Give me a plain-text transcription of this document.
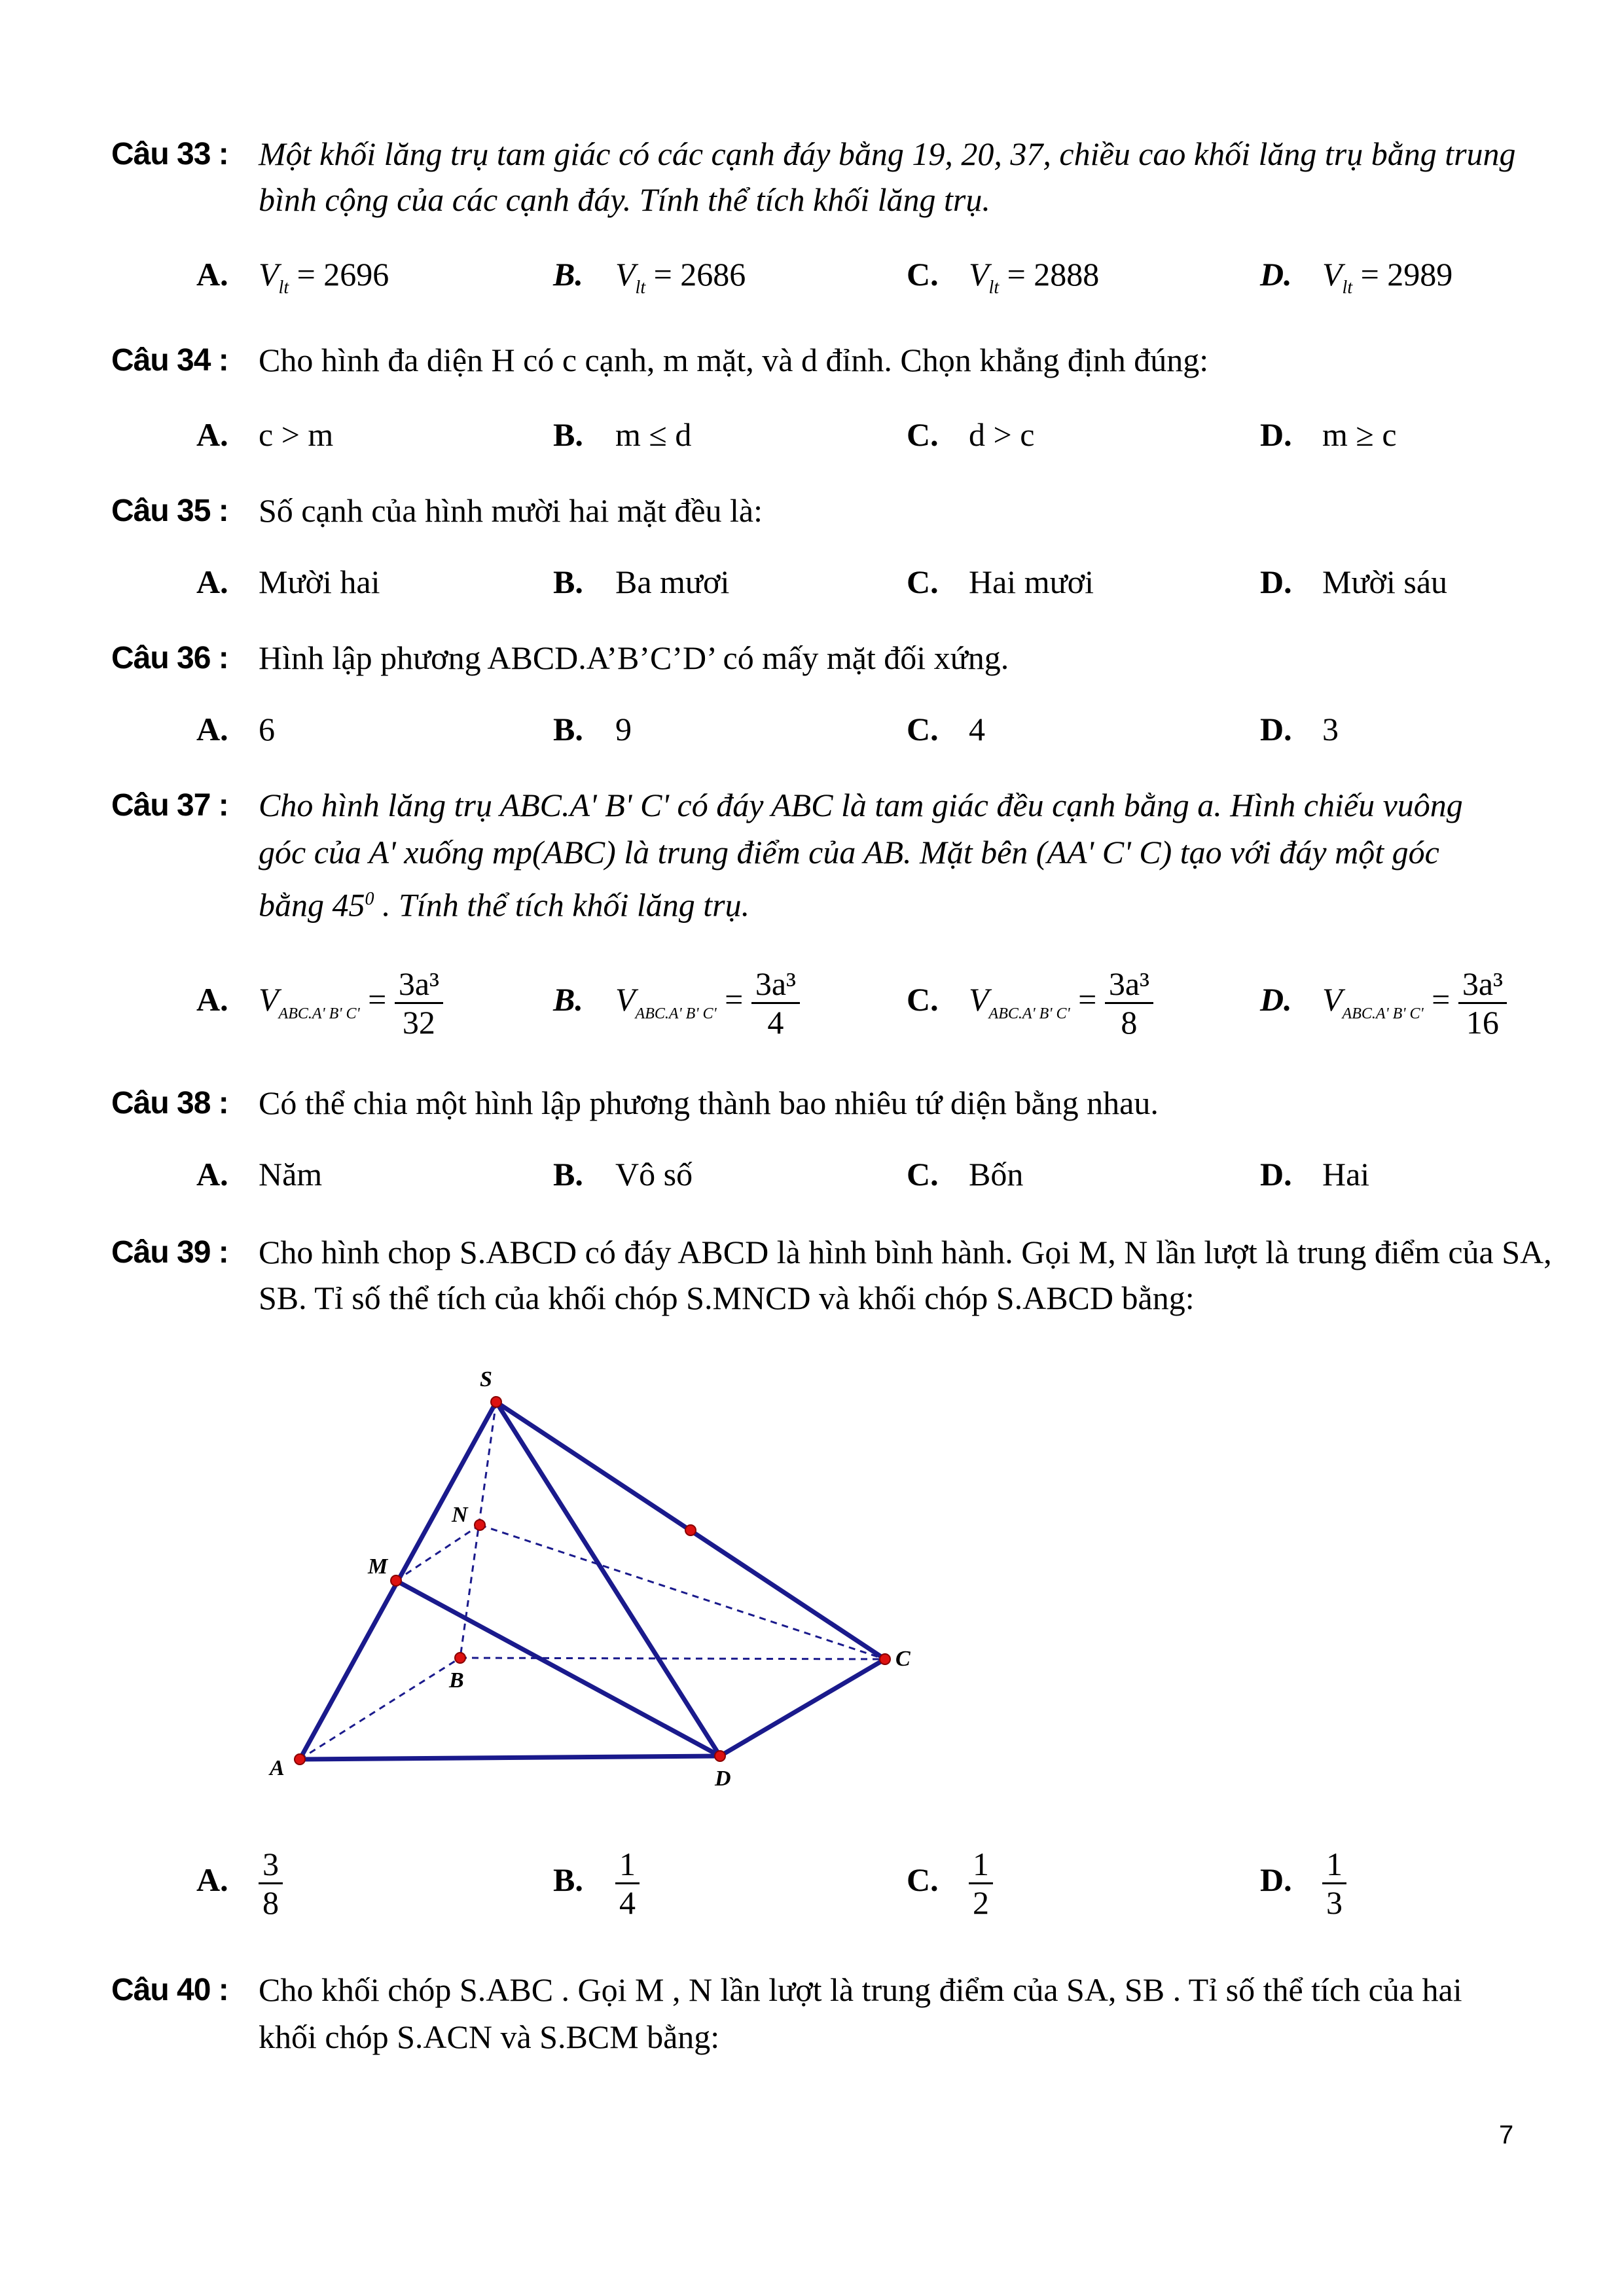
Câu 33 : Một khối lăng trụ tam giác có các cạnh đáy bằng 19, 20, 37, chiều cao khối lăng trụ bằng trung bình cộng của các cạnh đáy. Tính thể tích khối lăng trụ.
A. $V_{lt} = 2696$	B. $V_{lt} = 2686$	C. $V_{lt} = 2888$	D. $V_{lt} = 2989$
Câu 34 : Cho hình đa diện H có c cạnh, m mặt, và d đỉnh. Chọn khẳng định đúng:
A. c > m	B. m ≤ d	C. d > c	D. m ≥ c
Câu 35 : Số cạnh của hình mười hai mặt đều là:
A. Mười hai	B. Ba mươi	C. Hai mươi	D. Mười sáu
Câu 36 : Hình lập phương ABCD.A’B’C’D’ có mấy mặt đối xứng.
A. 6	B. 9	C. 4	D. 3
Câu 37 : Cho hình lăng trụ ABC.A' B' C' có đáy ABC là tam giác đều cạnh bằng a. Hình chiếu vuông
góc của A' xuống mp(ABC) là trung điểm của AB. Mặt bên (AA' C' C) tạo với đáy một góc
bằng $45^0$ . Tính thể tích khối lăng trụ.
A. $V_{ABC.A' B' C'} = \frac{\text{3a³}}{32}$	B. $V_{ABC.A' B' C'} = \frac{\text{3a³}}{4}$	C. $V_{ABC.A' B' C'} = \frac{\text{3a³}}{8}$	D. $V_{ABC.A' B' C'} = \frac{\text{3a³}}{16}$
Câu 38 : Có thể chia một hình lập phương thành bao nhiêu tứ diện bằng nhau.
A. Năm	B. Vô số	C. Bốn	D. Hai
Câu 39 : Cho hình chop S.ABCD có đáy ABCD là hình bình hành. Gọi M, N lần lượt là trung điểm của SA, SB. Tỉ số thể tích của khối chóp S.MNCD và khối chóp S.ABCD bằng:
S
N
M
B
C
A	D
A. $\frac{3}{8}$	B. $\frac{1}{4}$	C. $\frac{1}{2}$	D. $\frac{1}{3}$
Câu 40 : Cho khối chóp S.ABC . Gọi M , N lần lượt là trung điểm của SA, SB . Tỉ số thể tích của hai
khối chóp S.ACN và S.BCM bằng:
7
